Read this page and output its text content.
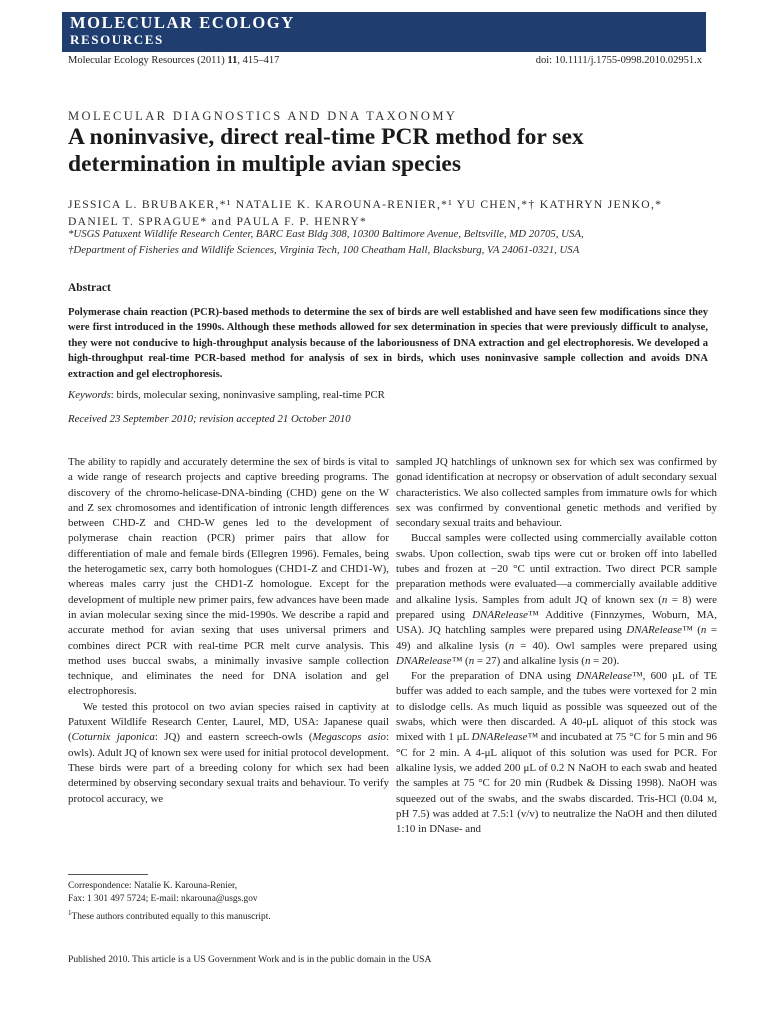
MOLECULAR ECOLOGY
RESOURCES
Molecular Ecology Resources (2011) 11, 415–417	doi: 10.1111/j.1755-0998.2010.02951.x
MOLECULAR DIAGNOSTICS AND DNA TAXONOMY
A noninvasive, direct real-time PCR method for sex determination in multiple avian species
JESSICA L. BRUBAKER,*¹ NATALIE K. KAROUNA-RENIER,*¹ YU CHEN,*† KATHRYN JENKO,*
DANIEL T. SPRAGUE* and PAULA F. P. HENRY*
*USGS Patuxent Wildlife Research Center, BARC East Bldg 308, 10300 Baltimore Avenue, Beltsville, MD 20705, USA,
†Department of Fisheries and Wildlife Sciences, Virginia Tech, 100 Cheatham Hall, Blacksburg, VA 24061-0321, USA
Abstract

Polymerase chain reaction (PCR)-based methods to determine the sex of birds are well established and have seen few modifications since they were first introduced in the 1990s. Although these methods allowed for sex determination in species that were previously difficult to analyse, they were not conducive to high-throughput analysis because of the laboriousness of DNA extraction and gel electrophoresis. We developed a high-throughput real-time PCR-based method for analysis of sex in birds, which uses noninvasive sample collection and avoids DNA extraction and gel electrophoresis.

Keywords: birds, molecular sexing, noninvasive sampling, real-time PCR
Received 23 September 2010; revision accepted 21 October 2010

The ability to rapidly and accurately determine the sex of birds is vital to a wide range of research projects and captive breeding programs. The discovery of the chromo-helicase-DNA-binding (CHD) gene on the W and Z sex chromosomes and identification of intronic length differences between CHD-Z and CHD-W genes led to the development of polymerase chain reaction (PCR) primer pairs that allow for differentiation of male and female birds (Ellegren 1996). Females, being the heterogametic sex, carry both homologues (CHD1-Z and CHD1-W), whereas males carry just the CHD1-Z homologue. Except for the development of multiple new primer pairs, few advances have been made in avian molecular sexing since the mid-1990s. We describe a rapid and accurate method for avian sexing that uses universal primers and combines direct PCR with real-time PCR melt curve analysis. This method uses buccal swabs, a minimally invasive sample collection technique, and eliminates the need for DNA isolation and gel electrophoresis.

We tested this protocol on two avian species raised in captivity at Patuxent Wildlife Research Center, Laurel, MD, USA: Japanese quail (Coturnix japonica: JQ) and eastern screech-owls (Megascops asio: owls). Adult JQ of known sex were used for initial protocol development. These birds were part of a breeding colony for which sex had been determined by observing secondary sexual traits and behaviour. To verify protocol accuracy, we

sampled JQ hatchlings of unknown sex for which sex was confirmed by gonad identification at necropsy or observation of adult secondary sexual characteristics. We also collected samples from immature owls for which sex was confirmed by conventional genetic methods and verified by secondary sexual traits and behaviour.

Buccal samples were collected using commercially available cotton swabs. Upon collection, swab tips were cut or broken off into labelled tubes and frozen at −20 °C until extraction. Two direct PCR sample preparation methods were evaluated—a commercially available additive and alkaline lysis. Samples from adult JQ of known sex (n = 8) were prepared using DNARelease™ Additive (Finnzymes, Woburn, MA, USA). JQ hatchling samples were prepared using DNARelease™ (n = 49) and alkaline lysis (n = 40). Owl samples were prepared using DNARelease™ (n = 27) and alkaline lysis (n = 20).

For the preparation of DNA using DNARelease™, 600 μL of TE buffer was added to each sample, and the tubes were vortexed for 2 min to dislodge cells. As much liquid as possible was squeezed out of the swabs, which were then discarded. A 40-μL aliquot of this stock was mixed with 1 μL DNARelease™ and incubated at 75 °C for 5 min and 96 °C for 2 min. A 4-μL aliquot of this solution was used for PCR. For alkaline lysis, we added 200 μL of 0.2 N NaOH to each swab and heated the samples at 75 °C for 20 min (Rudbek & Dissing 1998). NaOH was squeezed out of the swabs, and the swabs discarded. Tris-HCl (0.04 m, pH 7.5) was added at 7.5:1 (v/v) to neutralize the NaOH and then diluted 1:10 in DNase- and

Correspondence: Natalie K. Karouna-Renier,
Fax: 1 301 497 5724; E-mail: nkarouna@usgs.gov
$^1$These authors contributed equally to this manuscript.
Published 2010. This article is a US Government Work and is in the public domain in the USA
